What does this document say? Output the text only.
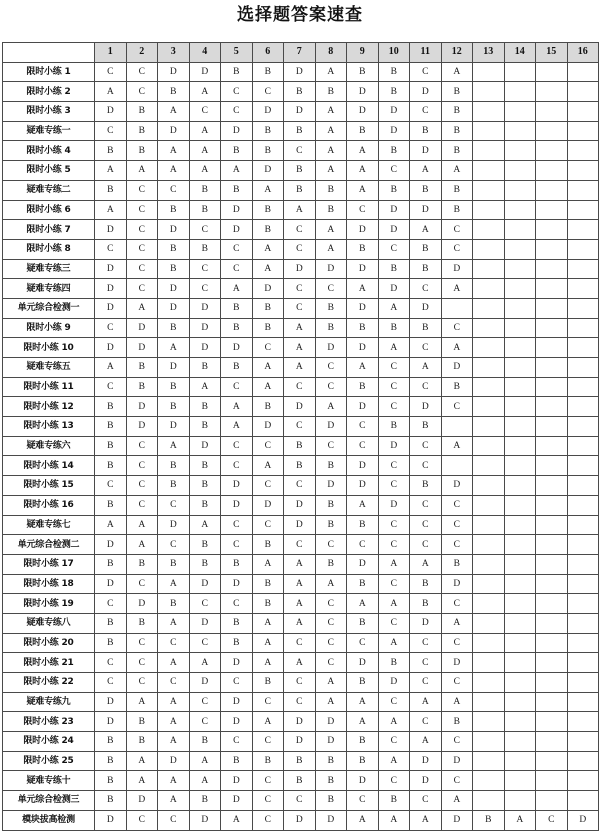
选择题答案速查
	1	2	3	4	5	6	7	8	9	10	11	12	13	14	15	16
限时小练 1	C	C	D	D	B	B	D	A	B	B	C	A				
限时小练 2	A	C	B	A	C	C	B	B	D	B	D	B				
限时小练 3	D	B	A	C	C	D	D	A	D	D	C	B				
疑难专练一	C	B	D	A	D	B	B	A	B	D	B	B				
限时小练 4	B	B	A	A	B	B	C	A	A	B	D	B				
限时小练 5	A	A	A	A	A	D	B	A	A	C	A	A				
疑难专练二	B	C	C	B	B	A	B	B	A	B	B	B				
限时小练 6	A	C	B	B	D	B	A	B	C	D	D	B				
限时小练 7	D	C	D	C	D	B	C	A	D	D	A	C				
限时小练 8	C	C	B	B	C	A	C	A	B	C	B	C				
疑难专练三	D	C	B	C	C	A	D	D	D	B	B	D				
疑难专练四	D	C	D	C	A	D	C	C	A	D	C	A				
单元综合检测一	D	A	D	D	B	B	C	B	D	A	D					
限时小练 9	C	D	B	D	B	B	A	B	B	B	B	C				
限时小练 10	D	D	A	D	D	C	A	D	D	A	C	A				
疑难专练五	A	B	D	B	B	A	A	C	A	C	A	D				
限时小练 11	C	B	B	A	C	A	C	C	B	C	C	B				
限时小练 12	B	D	B	B	A	B	D	A	D	C	D	C				
限时小练 13	B	D	D	B	A	D	C	D	C	B	B					
疑难专练六	B	C	A	D	C	C	B	C	C	D	C	A				
限时小练 14	B	C	B	B	C	A	B	B	D	C	C					
限时小练 15	C	C	B	B	D	C	C	D	D	C	B	D				
限时小练 16	B	C	C	B	D	D	D	B	A	D	C	C				
疑难专练七	A	A	D	A	C	C	D	B	B	C	C	C				
单元综合检测二	D	A	C	B	C	B	C	C	C	C	C	C				
限时小练 17	B	B	B	B	B	A	A	B	D	A	A	B				
限时小练 18	D	C	A	D	D	B	A	A	B	C	B	D				
限时小练 19	C	D	B	C	C	B	A	C	A	A	B	C				
疑难专练八	B	B	A	D	B	A	A	C	B	C	D	A				
限时小练 20	B	C	C	C	B	A	C	C	C	A	C	C				
限时小练 21	C	C	A	A	D	A	A	C	D	B	C	D				
限时小练 22	C	C	C	D	C	B	C	A	B	D	C	C				
疑难专练九	D	A	A	C	D	C	C	A	A	C	A	A				
限时小练 23	D	B	A	C	D	A	D	D	A	A	C	B				
限时小练 24	B	B	A	B	C	C	D	D	B	C	A	C				
限时小练 25	B	A	D	A	B	B	B	B	B	A	D	D				
疑难专练十	B	A	A	A	D	C	B	B	D	C	D	C				
单元综合检测三	B	D	A	B	D	C	C	B	C	B	C	A				
模块拔高检测	D	C	C	D	A	C	D	D	A	A	A	D	B	A	C	D
